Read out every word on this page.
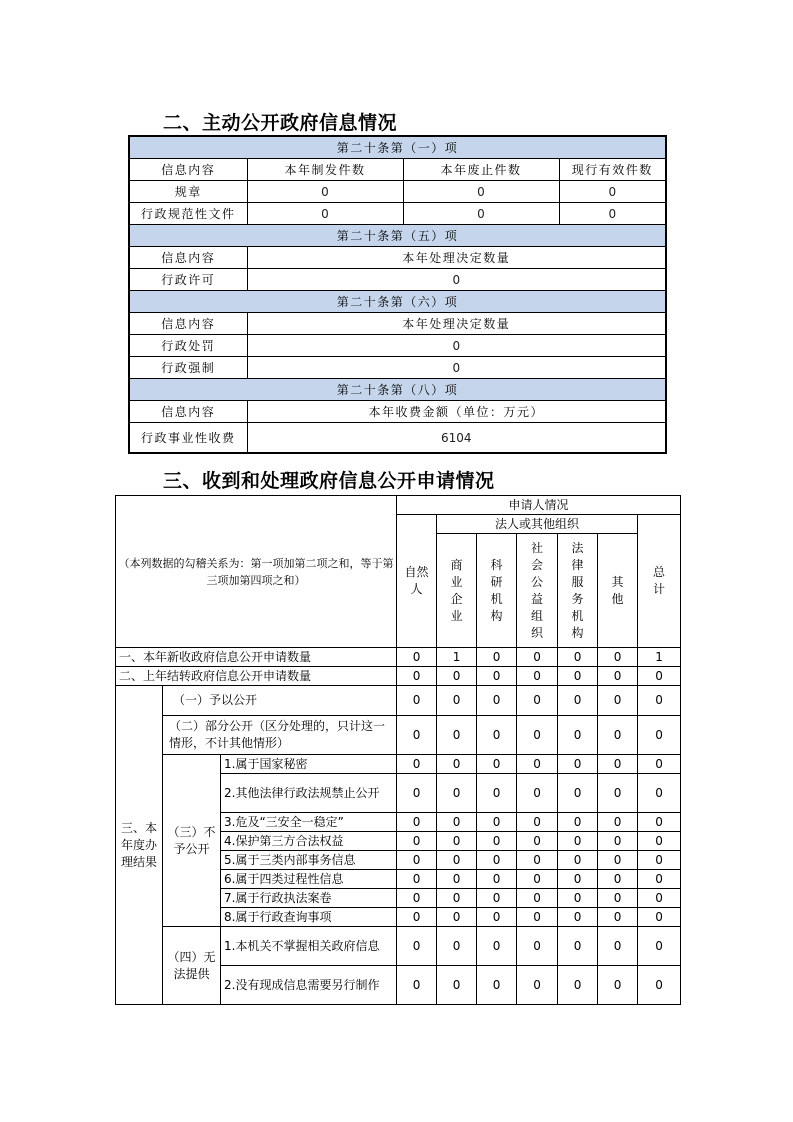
二、主动公开政府信息情况
第二十条第（一）项			
信息内容	本年制发件数	本年废止件数	现行有效件数
规章	0	0	0
行政规范性文件	0	0	0
第二十条第（五）项			
信息内容	本年处理决定数量		
行政许可	0		
第二十条第（六）项			
信息内容	本年处理决定数量		
行政处罚	0		
行政强制	0		
第二十条第（八）项			
信息内容	本年收费金额（单位：万元）		
行政事业性收费	6104		
三、收到和处理政府信息公开申请情况
（本列数据的勾稽关系为：第一项加第二项之和，等于第三项加第四项之和）			申请人情况						
			自然人	法人或其他组织					总计
				商业企业	科研机构	社会公益组织	法律服务机构	其他	
一、本年新收政府信息公开申请数量			0	1	0	0	0	0	1
二、上年结转政府信息公开申请数量			0	0	0	0	0	0	0
三、本年度办理结果	（一）予以公开		0	0	0	0	0	0	0
	（二）部分公开（区分处理的，只计这一情形，不计其他情形）		0	0	0	0	0	0	0
	（三）不予公开	1.属于国家秘密	0	0	0	0	0	0	0
		2.其他法律行政法规禁止公开	0	0	0	0	0	0	0
		3.危及“三安全一稳定”	0	0	0	0	0	0	0
		4.保护第三方合法权益	0	0	0	0	0	0	0
		5.属于三类内部事务信息	0	0	0	0	0	0	0
		6.属于四类过程性信息	0	0	0	0	0	0	0
		7.属于行政执法案卷	0	0	0	0	0	0	0
		8.属于行政查询事项	0	0	0	0	0	0	0
	（四）无法提供	1.本机关不掌握相关政府信息	0	0	0	0	0	0	0
		2.没有现成信息需要另行制作	0	0	0	0	0	0	0
